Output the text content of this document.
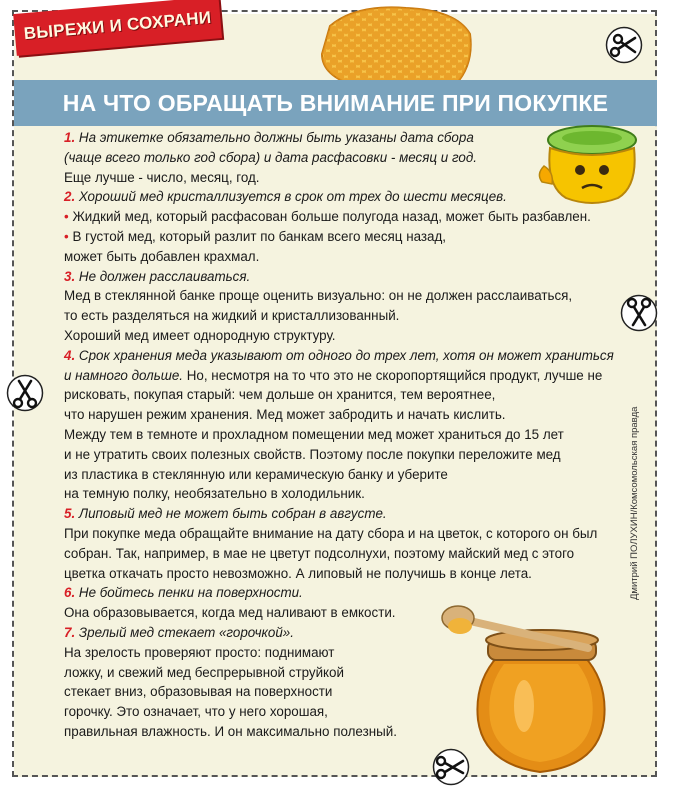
ВЫРЕЖИ И СОХРАНИ
НА ЧТО ОБРАЩАТЬ ВНИМАНИЕ ПРИ ПОКУПКЕ
Дмитрий ПОЛУХИН/Комсомольская правда

1. На этикетке обязательно должны быть указаны дата сбора

(чаще всего только год сбора) и дата расфасовки - месяц и год.

Еще лучше - число, месяц, год.

2. Хороший мед кристаллизуется в срок от трех до шести месяцев.

• Жидкий мед, который расфасован больше полугода назад, может быть разбавлен.

• В густой мед, который разлит по банкам всего месяц назад,

может быть добавлен крахмал.

3. Не должен расслаиваться.

Мед в стеклянной банке проще оценить визуально: он не должен расслаиваться,

то есть разделяться на жидкий и кристаллизованный.

Хороший мед имеет однородную структуру.

4. Срок хранения меда указывают от одного до трех лет, хотя он может храниться

и намного дольше. Но, несмотря на то что это не скоропортящийся продукт, лучше не

рисковать, покупая старый: чем дольше он хранится, тем вероятнее,

что нарушен режим хранения. Мед может забродить и начать кислить.

Между тем в темноте и прохладном помещении мед может храниться до 15 лет

и не утратить своих полезных свойств. Поэтому после покупки переложите мед

из пластика в стеклянную или керамическую банку и уберите

на темную полку, необязательно в холодильник.

5. Липовый мед не может быть собран в августе.

При покупке меда обращайте внимание на дату сбора и на цветок, с которого он был

собран. Так, например, в мае не цветут подсолнухи, поэтому майский мед с этого

цветка откачать просто невозможно. А липовый не получишь в конце лета.

6. Не бойтесь пенки на поверхности.

Она образовывается, когда мед наливают в емкости.

7. Зрелый мед стекает «горочкой».

На зрелость проверяют просто: поднимают

ложку, и свежий мед беспрерывной струйкой

стекает вниз, образовывая на поверхности

горочку. Это означает, что у него хорошая,

правильная влажность. И он максимально полезный.
